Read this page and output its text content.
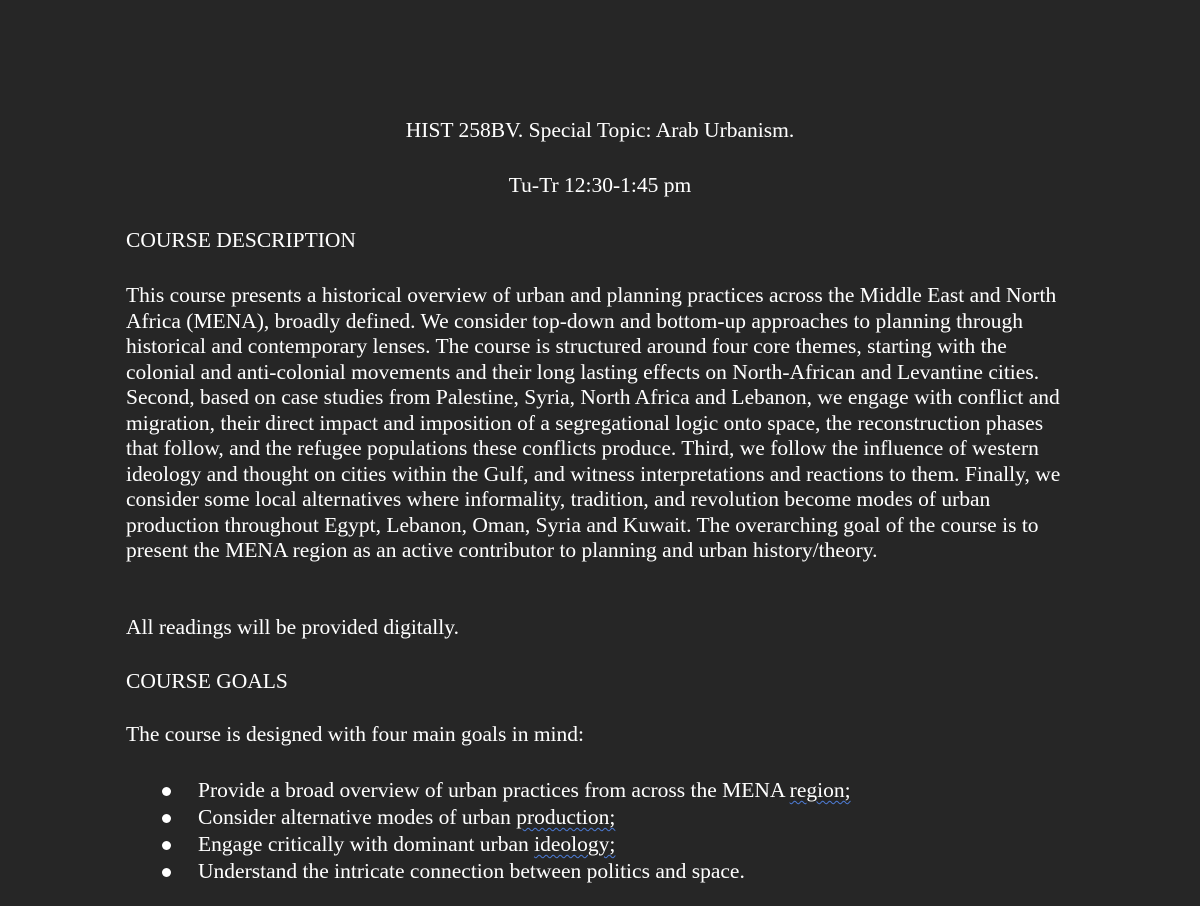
HIST 258BV. Special Topic: Arab Urbanism.
Tu-Tr 12:30-1:45 pm

COURSE DESCRIPTION

This course presents a historical overview of urban and planning practices across the Middle East and North Africa (MENA), broadly defined. We consider top-down and bottom-up approaches to planning through historical and contemporary lenses. The course is structured around four core themes, starting with the colonial and anti-colonial movements and their long lasting effects on North-African and Levantine cities. Second, based on case studies from Palestine, Syria, North Africa and Lebanon, we engage with conflict and migration, their direct impact and imposition of a segregational logic onto space, the reconstruction phases that follow, and the refugee populations these conflicts produce. Third, we follow the influence of western ideology and thought on cities within the Gulf, and witness interpretations and reactions to them. Finally, we consider some local alternatives where informality, tradition, and revolution become modes of urban production throughout Egypt, Lebanon, Oman, Syria and Kuwait. The overarching goal of the course is to present the MENA region as an active contributor to planning and urban history/theory.

All readings will be provided digitally.

COURSE GOALS

The course is designed with four main goals in mind:

Provide a broad overview of urban practices from across the MENA region;
Consider alternative modes of urban production;
Engage critically with dominant urban ideology;
Understand the intricate connection between politics and space.
